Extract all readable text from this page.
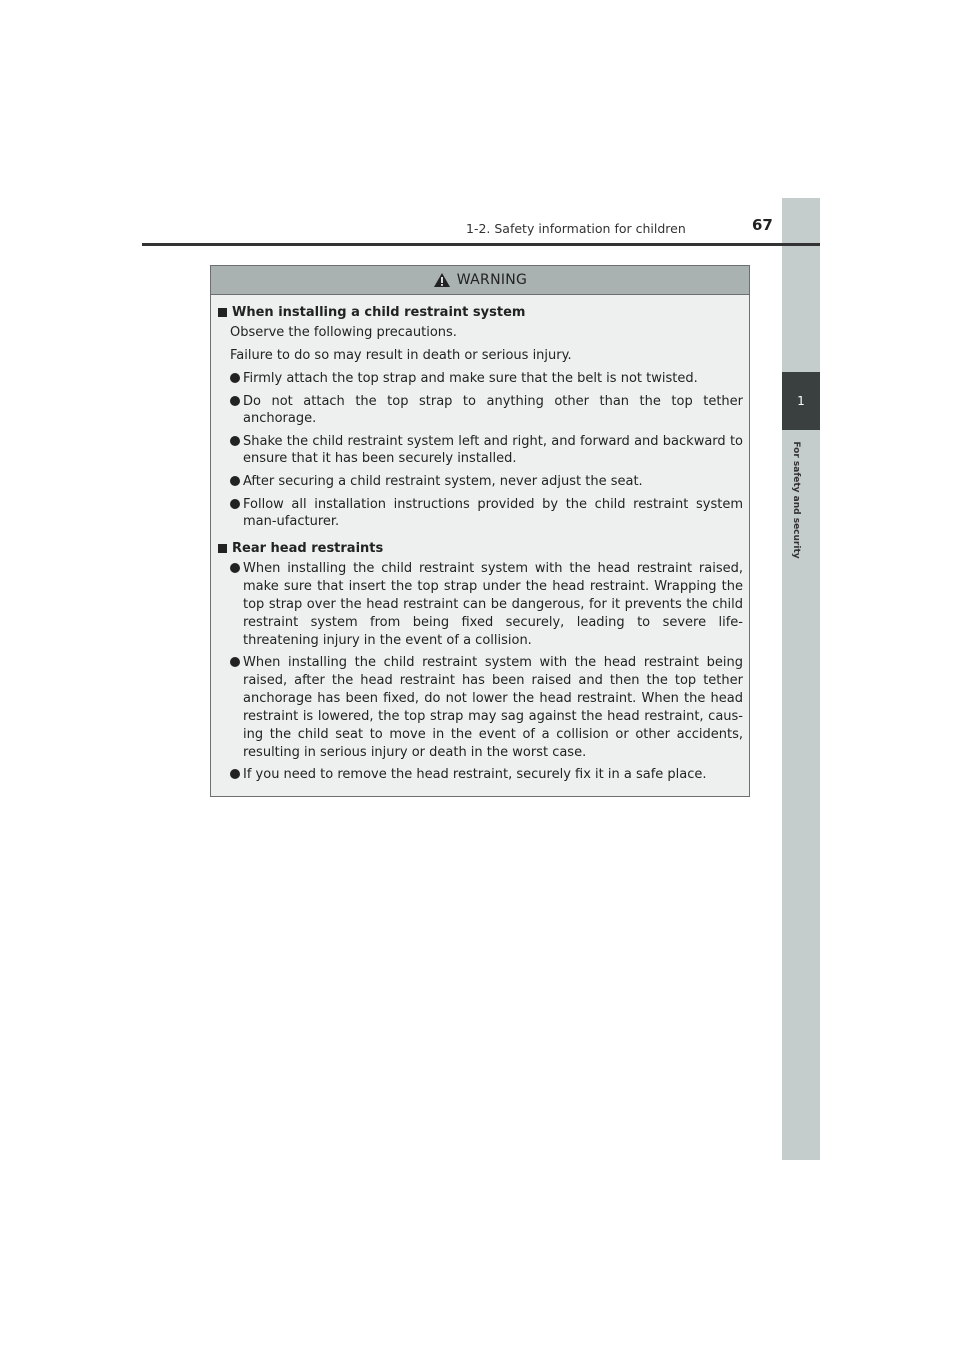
1
For safety and security
1-2. Safety information for children	67
WARNING
When installing a child restraint system
Observe the following precautions.
Failure to do so may result in death or serious injury.
Firmly attach the top strap and make sure that the belt is not twisted.
Do not attach the top strap to anything other than the top tether anchorage.
Shake the child restraint system left and right, and forward and backward to ensure that it has been securely installed.
After securing a child restraint system, never adjust the seat.
Follow all installation instructions provided by the child restraint system man-ufacturer.
Rear head restraints
When installing the child restraint system with the head restraint raised, make sure that insert the top strap under the head restraint. Wrapping the top strap over the head restraint can be dangerous, for it prevents the child restraint system from being fixed securely, leading to severe life-threatening injury in the event of a collision.
When installing the child restraint system with the head restraint being raised, after the head restraint has been raised and then the top tether anchorage has been fixed, do not lower the head restraint. When the head restraint is lowered, the top strap may sag against the head restraint, caus-ing the child seat to move in the event of a collision or other accidents, resulting in serious injury or death in the worst case.
If you need to remove the head restraint, securely fix it in a safe place.
